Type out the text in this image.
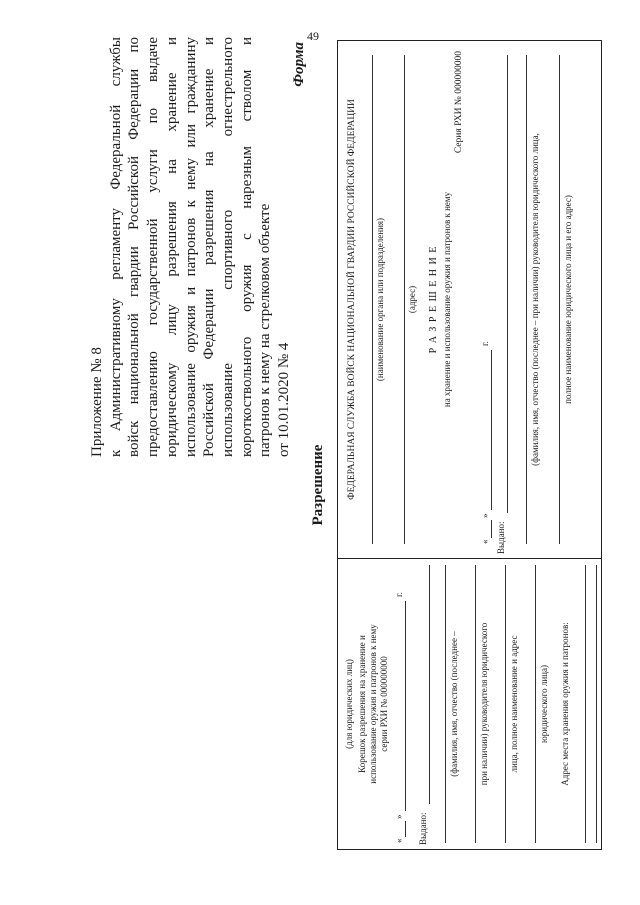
49
Приложение № 8 к Административному регламенту Федеральной службы войск национальной гвардии Российской Федерации по предоставлению государственной услуги по выдаче юридическому лицу разрешения на хранение и использование оружия и патронов к нему или гражданину Российской Федерации разрешения на хранение и использование спортивного огнестрельного короткоствольного оружия с нарезным стволом и патронов к нему на стрелковом объекте от 10.01.2020 № 4
Форма
Разрешение
(для юридических лиц) Корешок разрешения на хранение и использование оружия и патронов к нему серии РХИ № 000000000
«
»
г.
Выдано:
(фамилия, имя, отчество (последнее – при наличии) руководителя юридического лица, полное наименование и адрес юридического лица) Адрес места хранения оружия и патронов:
ФЕДЕРАЛЬНАЯ СЛУЖБА ВОЙСК НАЦИОНАЛЬНОЙ ГВАРДИИ РОССИЙСКОЙ ФЕДЕРАЦИИ (наименование органа или подразделения) (адрес) Р А З Р Е Ш Е Н И Е на хранение и использование оружия и патронов к нему
Серия РХИ № 000000000
«
»
г.
Выдано:
(фамилия, имя, отчество (последнее – при наличии) руководителя юридического лица,	полное наименование юридического лица и его адрес)
